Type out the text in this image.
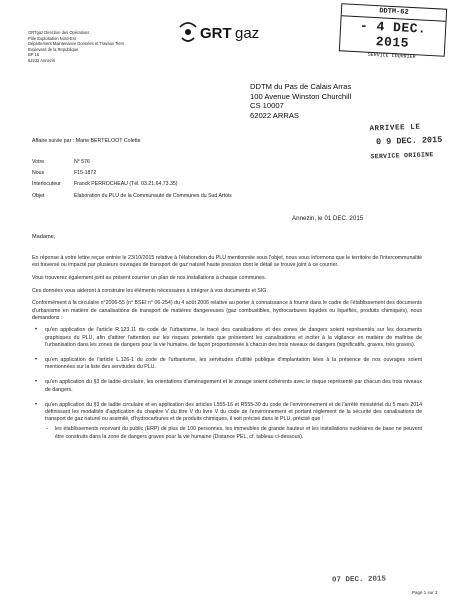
GRTgaz Direction des Opérations
Pôle Exploitation Nord-Est
Département Maintenance Données et Travaux Tiers
Boulevard de la Republique
BP 16
62232 Annezin
GRT gaz
DDTM-62
- 4 DEC. 2015
SERVICE COURRIER
DDTM du Pas de Calais Arras
100 Avenue Winston Churchill
CS 10007
62022 ARRAS
ARRIVEE LE
0 9 DEC. 2015
SERVICE ORIGINE
Affaire suivie par : Marie BERTELOOT Colette
Votre	N° 576
Nous	F15-1872
Interlocuteur	Franck PERROCHEAU (Tél. 03.21.64.73.35)
Objet	Elaboration du PLU de la Communauté de Communes du Sud Artois
Annezin, le 01 DEC. 2015
Madame,

En réponse à votre lettre reçue entrée le 23/10/2015 relative à l'élaboration du PLU mentionnée sous l'objet, nous vous informons que le territoire de l'intercommunalité est traversé ou impacté par plusieurs ouvrages de transport de gaz naturel haute pression dont le détail se trouve joint à ce courrier.

Vous trouverez également joint au présent courrier un plan de nos installations à chaque communes.

Ces données vous aideront à construire les éléments nécessaires à intégrer à vos documents et SIG.

Conformément à la circulaire n°2006-55 (n° BSEI n° 06-254) du 4 août 2006 relative au porter à connaissance à fournir dans le cadre de l'établissement des documents d'urbanisme en matière de canalisations de transport de matières dangereuses (gaz combustibles, hydrocarbures liquides ou liquéfiés, produits chimiques), nous demandons :

• qu'en application de l'article R.123.11 du code de l'urbanisme, le tracé des canalisations et des zones de dangers soient représentés sur les documents graphiques du PLU, afin d'attirer l'attention sur les risques potentiels que présentent les canalisations et inciter à la vigilance en matière de maîtrise de l'urbanisation dans les zones de dangers pour la vie humaine, de façon proportionnée à chacun des trois niveaux de dangers (significatifs, graves, très graves).
• qu'en application de l'article L.126-1 du code de l'urbanisme, les servitudes d'utilité publique d'implantation liées à la présence de nos ouvrages soient mentionnées sur la liste des servitudes du PLU.
• qu'en application du §3 de ladite circulaire, les orientations d'aménagement et le zonage soient cohérents avec le risque représenté par chacun des trois niveaux de dangers.
• qu'en application du §3 de ladite circulaire et en application des articles L555-16 et R555-30 du code de l'environnement et de l'arrêté ministériel du 5 mars 2014 définissant les modalités d'application du chapitre V du titre V du livre V du code de l'environnement et portant règlement de la sécurité des canalisations de transport de gaz naturel ou assimilé, d'hydrocarbures et de produits chimiques, il soit précisé dans le PLU, précisé que :
- les établissements recevant du public (ERP) de plus de 100 personnes, les immeubles de grande hauteur et les installations nucléaires de base ne peuvent être construits dans la zone de dangers graves pour la vie humaine (Distance PEL, cf. tableau ci-dessous).
07 DEC. 2015
Page 1 sur 3
